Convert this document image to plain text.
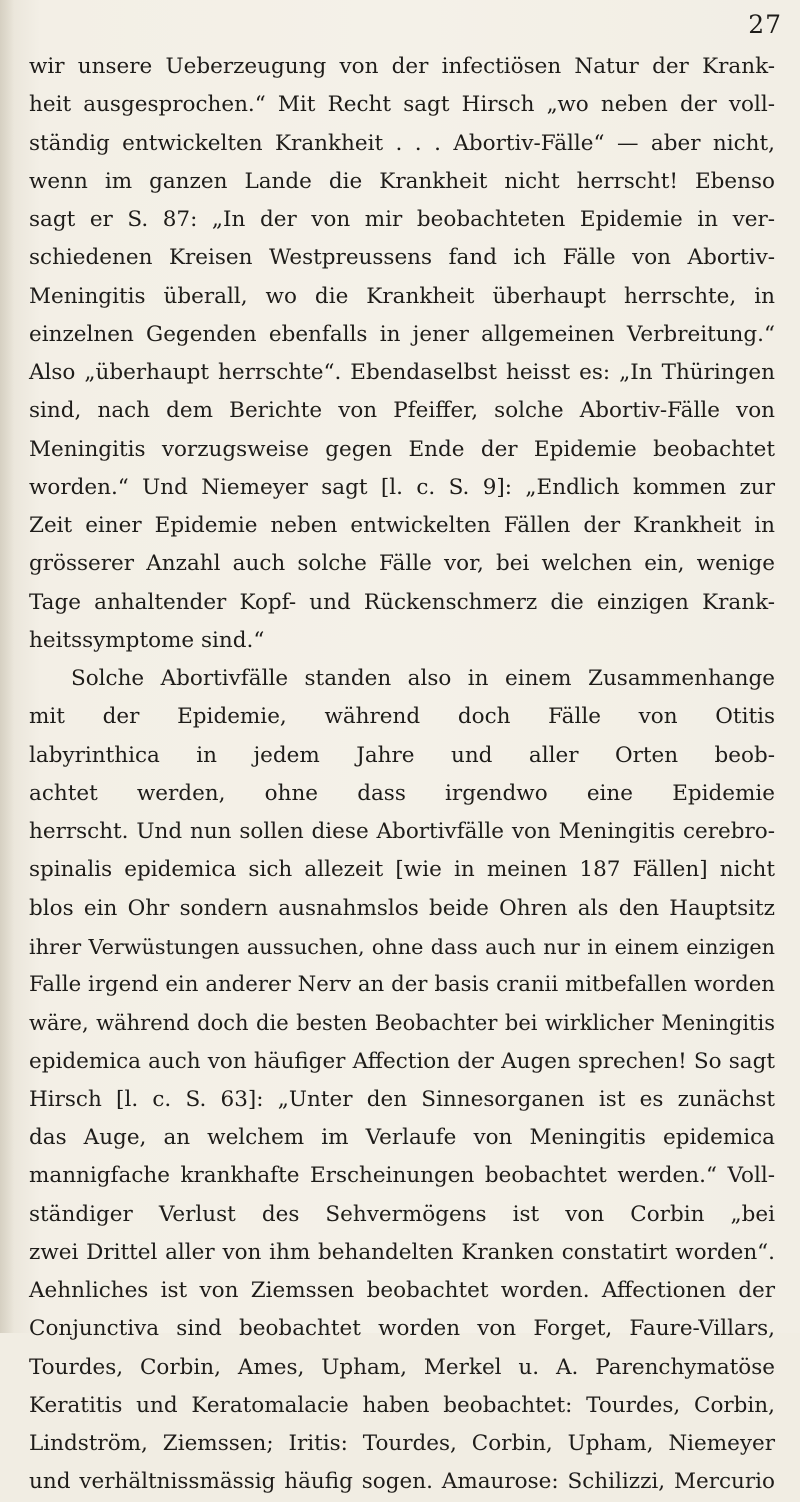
27

wir unsere Ueberzeugung von der infectiösen Natur der Krank-
heit ausgesprochen.“ Mit Recht sagt Hirsch „wo neben der voll-
ständig entwickelten Krankheit . . . Abortiv-Fälle“ — aber nicht,
wenn im ganzen Lande die Krankheit nicht herrscht! Ebenso
sagt er S. 87: „In der von mir beobachteten Epidemie in ver-
schiedenen Kreisen Westpreussens fand ich Fälle von Abortiv-
Meningitis überall, wo die Krankheit überhaupt herrschte, in
einzelnen Gegenden ebenfalls in jener allgemeinen Verbreitung.“
Also „überhaupt herrschte“. Ebendaselbst heisst es: „In Thüringen
sind, nach dem Berichte von Pfeiffer, solche Abortiv-Fälle von
Meningitis vorzugsweise gegen Ende der Epidemie beobachtet
worden.“ Und Niemeyer sagt [l. c. S. 9]: „Endlich kommen zur
Zeit einer Epidemie neben entwickelten Fällen der Krankheit in
grösserer Anzahl auch solche Fälle vor, bei welchen ein, wenige
Tage anhaltender Kopf- und Rückenschmerz die einzigen Krank-
heitssymptome sind.“
Solche Abortivfälle standen also in einem Zusammenhange
mit der Epidemie, während doch Fälle von Otitis
labyrinthica in jedem Jahre und aller Orten beob-
achtet werden, ohne dass irgendwo eine Epidemie
herrscht. Und nun sollen diese Abortivfälle von Meningitis cerebro-
spinalis epidemica sich allezeit [wie in meinen 187 Fällen] nicht
blos ein Ohr sondern ausnahmslos beide Ohren als den Hauptsitz
ihrer Verwüstungen aussuchen, ohne dass auch nur in einem einzigen
Falle irgend ein anderer Nerv an der basis cranii mitbefallen worden
wäre, während doch die besten Beobachter bei wirklicher Meningitis
epidemica auch von häufiger Affection der Augen sprechen! So sagt
Hirsch [l. c. S. 63]: „Unter den Sinnesorganen ist es zunächst
das Auge, an welchem im Verlaufe von Meningitis epidemica
mannigfache krankhafte Erscheinungen beobachtet werden.“ Voll-
ständiger Verlust des Sehvermögens ist von Corbin „bei
zwei Drittel aller von ihm behandelten Kranken constatirt worden“.
Aehnliches ist von Ziemssen beobachtet worden. Affectionen der
Conjunctiva sind beobachtet worden von Forget, Faure-Villars,
Tourdes, Corbin, Ames, Upham, Merkel u. A. Parenchymatöse
Keratitis und Keratomalacie haben beobachtet: Tourdes, Corbin,
Lindström, Ziemssen; Iritis: Tourdes, Corbin, Upham, Niemeyer
und verhältnissmässig häufig sogen. Amaurose: Schilizzi, Mercurio
